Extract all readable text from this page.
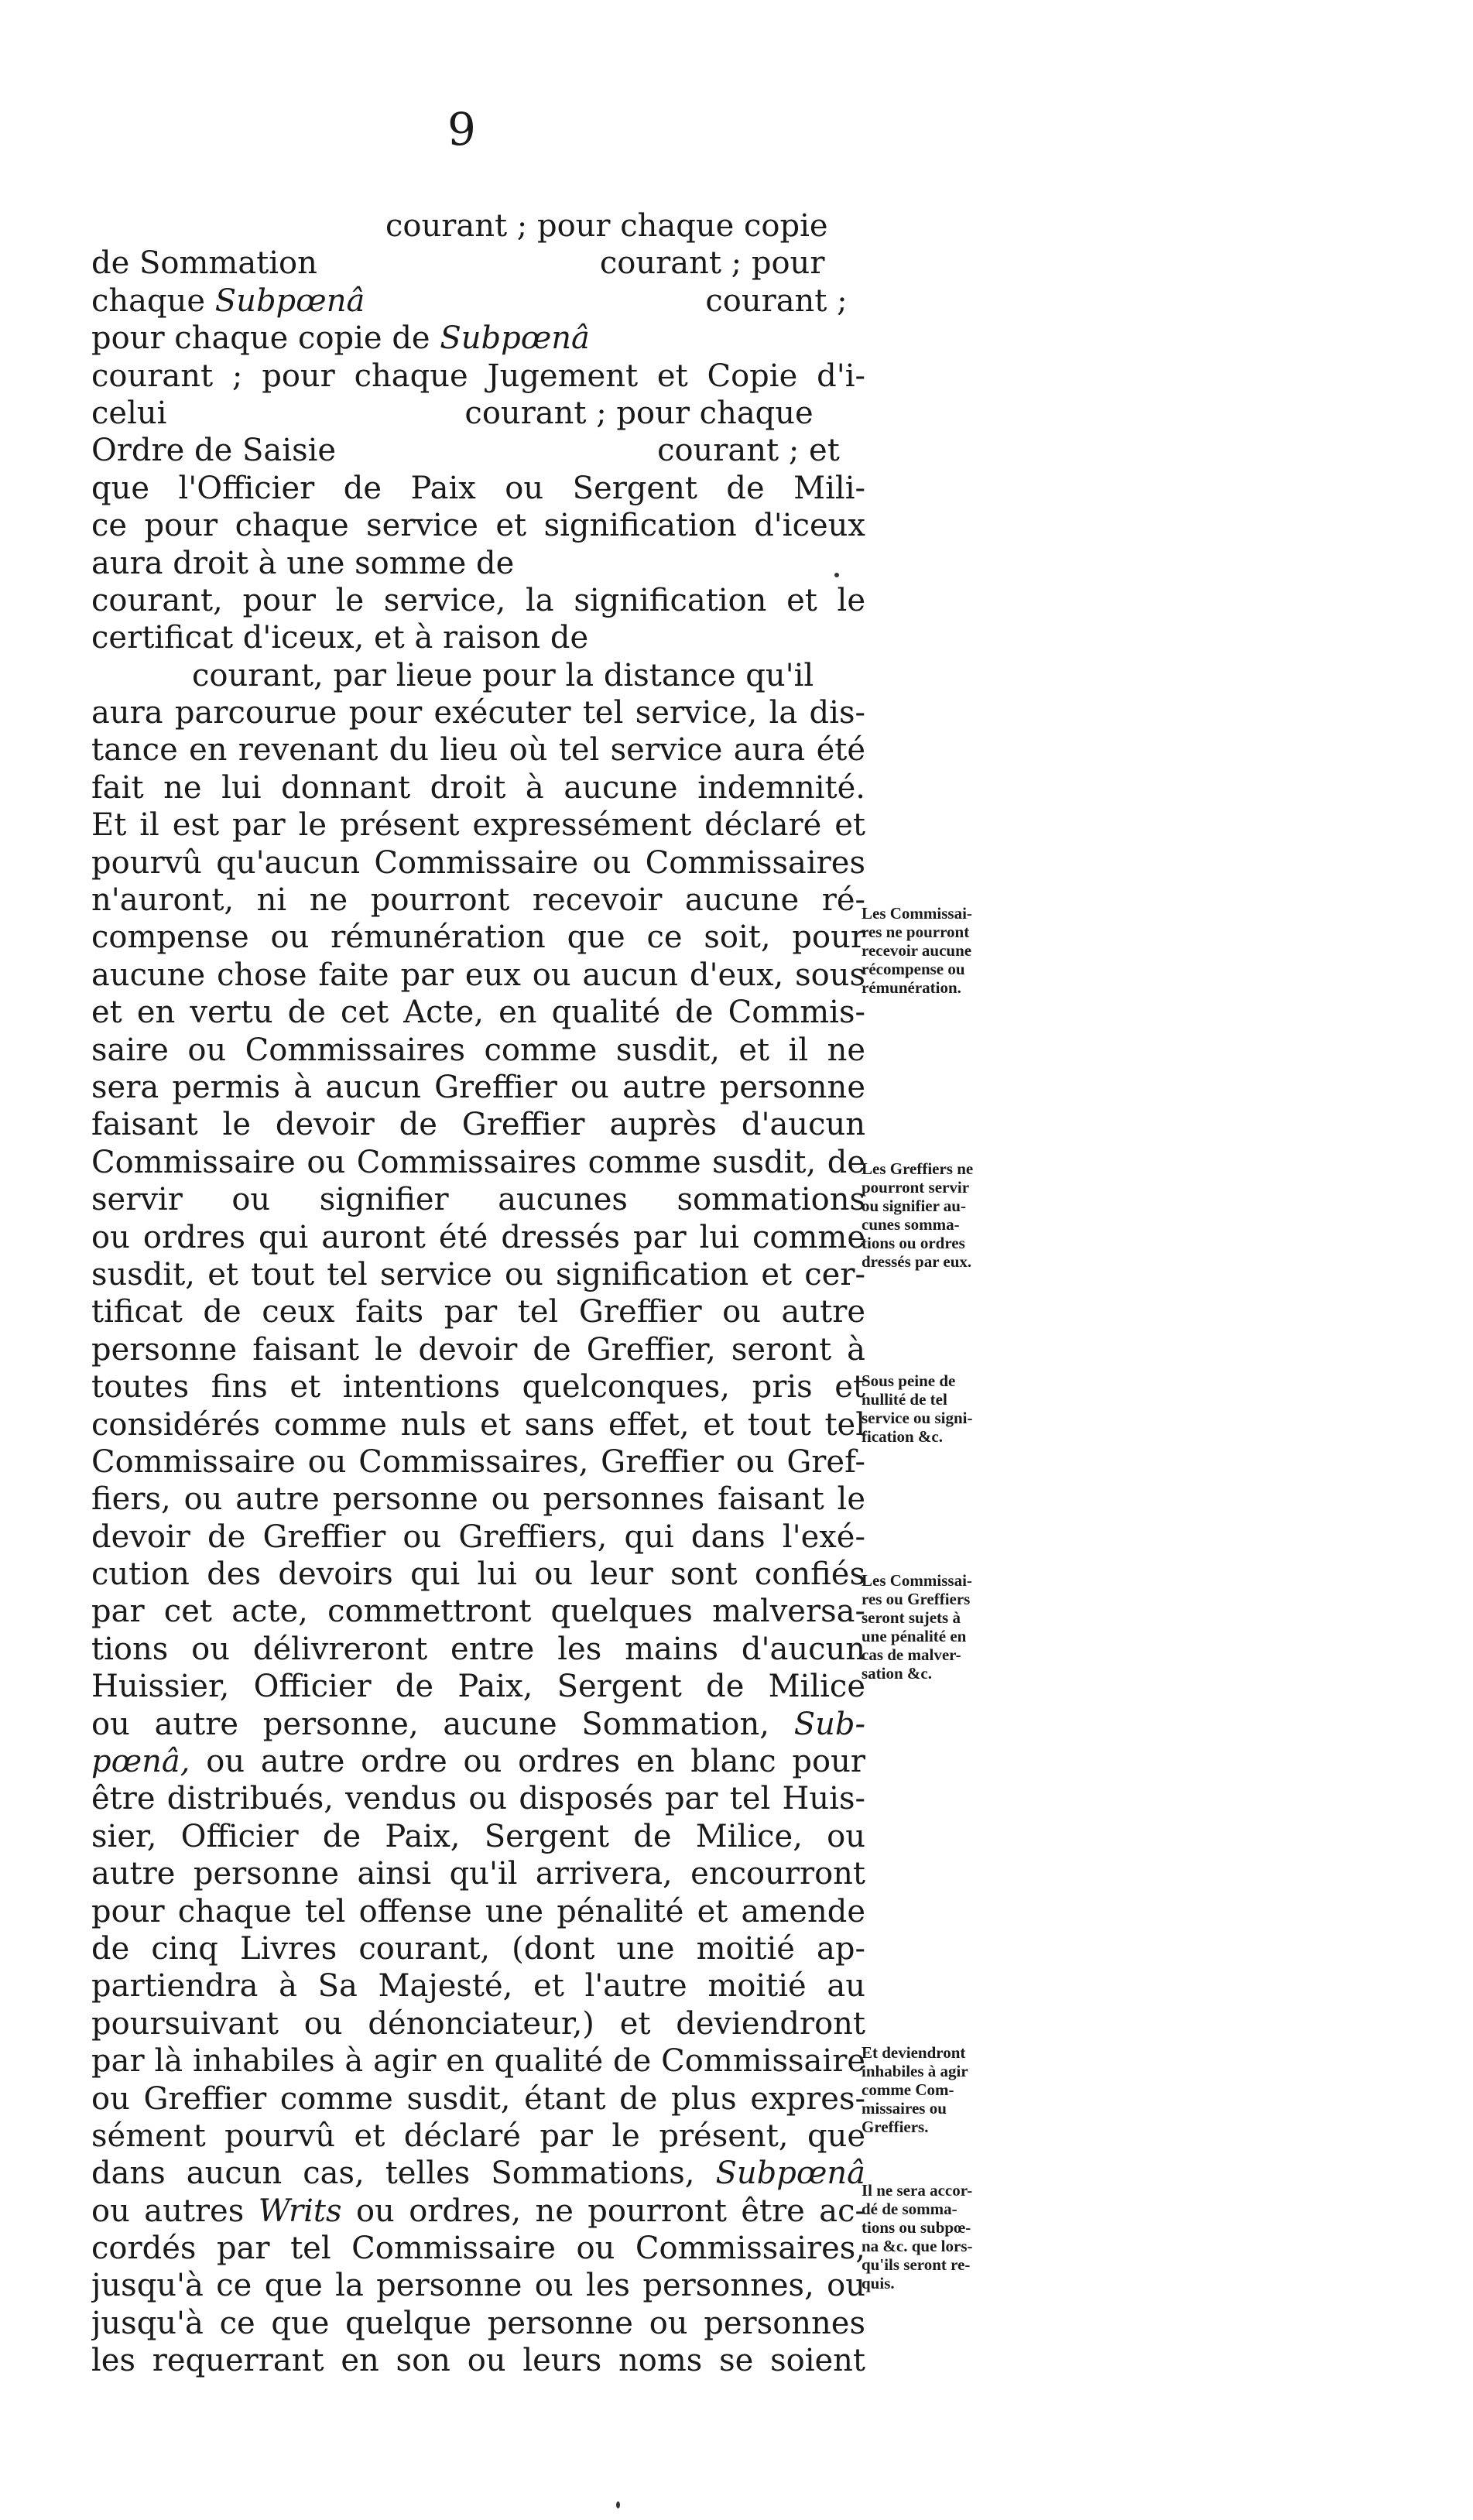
9
courant ; pour chaque copie
de Sommation	courant ; pour
chaque Subpœnâ	courant ;
pour chaque copie de Subpœnâ
courant ; pour chaque Jugement et Copie d'i-
celui	courant ; pour chaque
Ordre de Saisie	courant ; et
que l'Officier de Paix ou Sergent de Mili-
ce pour chaque service et signification d'iceux
aura droit à une somme de
courant, pour le service, la signification et le
certificat d'iceux, et à raison de
courant, par lieue pour la distance qu'il
aura parcourue pour exécuter tel service, la dis-
tance en revenant du lieu où tel service aura été
fait ne lui donnant droit à aucune indemnité.
Et il est par le présent expressément déclaré et
pourvû qu'aucun Commissaire ou Commissaires
n'auront, ni ne pourront recevoir aucune ré-
compense ou rémunération que ce soit, pour
aucune chose faite par eux ou aucun d'eux, sous
et en vertu de cet Acte, en qualité de Commis-
saire ou Commissaires comme susdit, et il ne
sera permis à aucun Greffier ou autre personne
faisant le devoir de Greffier auprès d'aucun
Commissaire ou Commissaires comme susdit, de
servir ou signifier aucunes sommations
ou ordres qui auront été dressés par lui comme
susdit, et tout tel service ou signification et cer-
tificat de ceux faits par tel Greffier ou autre
personne faisant le devoir de Greffier, seront à
toutes fins et intentions quelconques, pris et
considérés comme nuls et sans effet, et tout tel
Commissaire ou Commissaires, Greffier ou Gref-
fiers, ou autre personne ou personnes faisant le
devoir de Greffier ou Greffiers, qui dans l'exé-
cution des devoirs qui lui ou leur sont confiés
par cet acte, commettront quelques malversa-
tions ou délivreront entre les mains d'aucun
Huissier, Officier de Paix, Sergent de Milice
ou autre personne, aucune Sommation, Sub-
pœnâ, ou autre ordre ou ordres en blanc pour
être distribués, vendus ou disposés par tel Huis-
sier, Officier de Paix, Sergent de Milice, ou
autre personne ainsi qu'il arrivera, encourront
pour chaque tel offense une pénalité et amende
de cinq Livres courant, (dont une moitié ap-
partiendra à Sa Majesté, et l'autre moitié au
poursuivant ou dénonciateur,) et deviendront
par là inhabiles à agir en qualité de Commissaire
ou Greffier comme susdit, étant de plus expres-
sément pourvû et déclaré par le présent, que
dans aucun cas, telles Sommations, Subpœnâ
ou autres Writs ou ordres, ne pourront être ac-
cordés par tel Commissaire ou Commissaires,
jusqu'à ce que la personne ou les personnes, ou
jusqu'à ce que quelque personne ou personnes
les requerrant en son ou leurs noms se soient
Les Commissai-
res ne pourront
recevoir aucune
récompense ou
rémunération.
Les Greffiers ne
pourront servir
ou signifier au-
cunes somma-
tions ou ordres
dressés par eux.
Sous peine de
nullité de tel
service ou signi-
fication &c.
Les Commissai-
res ou Greffiers
seront sujets à
une pénalité en
cas de malver-
sation &c.
Et deviendront
inhabiles à agir
comme Com-
missaires ou
Greffiers.
Il ne sera accor-
dé de somma-
tions ou subpœ-
na &c. que lors-
qu'ils seront re-
quis.
